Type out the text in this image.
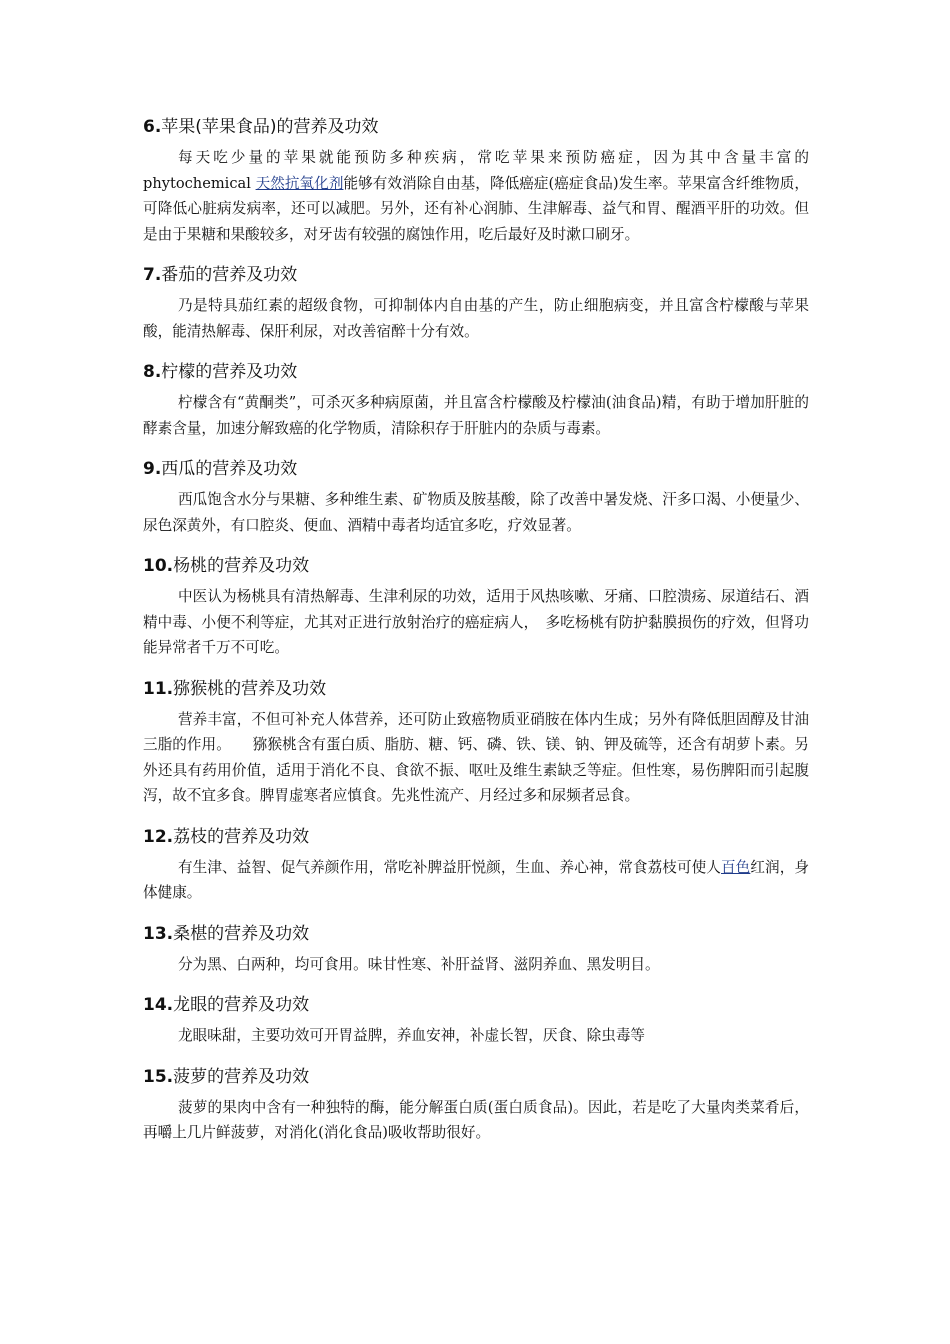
6.苹果(苹果食品)的营养及功效

每天吃少量的苹果就能预防多种疾病，常吃苹果来预防癌症，因为其中含量丰富的phytochemical 天然抗氧化剂能够有效消除自由基，降低癌症(癌症食品)发生率。苹果富含纤维物质，可降低心脏病发病率，还可以减肥。另外，还有补心润肺、生津解毒、益气和胃、醒酒平肝的功效。但是由于果糖和果酸较多，对牙齿有较强的腐蚀作用，吃后最好及时漱口刷牙。

7.番茄的营养及功效

乃是特具茄红素的超级食物，可抑制体内自由基的产生，防止细胞病变，并且富含柠檬酸与苹果酸，能清热解毒、保肝利尿，对改善宿醉十分有效。

8.柠檬的营养及功效

柠檬含有“黄酮类”，可杀灭多种病原菌，并且富含柠檬酸及柠檬油(油食品)精，有助于增加肝脏的酵素含量，加速分解致癌的化学物质，清除积存于肝脏内的杂质与毒素。

9.西瓜的营养及功效

西瓜饱含水分与果糖、多种维生素、矿物质及胺基酸，除了改善中暑发烧、汗多口渴、小便量少、尿色深黄外，有口腔炎、便血、酒精中毒者均适宜多吃，疗效显著。

10.杨桃的营养及功效

中医认为杨桃具有清热解毒、生津利尿的功效，适用于风热咳嗽、牙痛、口腔溃疡、尿道结石、酒精中毒、小便不利等症，尤其对正进行放射治疗的癌症病人，　多吃杨桃有防护黏膜损伤的疗效，但肾功能异常者千万不可吃。

11.猕猴桃的营养及功效

营养丰富，不但可补充人体营养，还可防止致癌物质亚硝胺在体内生成；另外有降低胆固醇及甘油三脂的作用。　　猕猴桃含有蛋白质、脂肪、糖、钙、磷、铁、镁、钠、钾及硫等，还含有胡萝卜素。另外还具有药用价值，适用于消化不良、食欲不振、呕吐及维生素缺乏等症。但性寒，易伤脾阳而引起腹泻，故不宜多食。脾胃虚寒者应慎食。先兆性流产、月经过多和尿频者忌食。

12.荔枝的营养及功效

有生津、益智、促气养颜作用，常吃补脾益肝悦颜，生血、养心神，常食荔枝可使人百色红润，身体健康。

13.桑椹的营养及功效

分为黑、白两种，均可食用。味甘性寒、补肝益肾、滋阴养血、黑发明目。

14.龙眼的营养及功效

龙眼味甜，主要功效可开胃益脾，养血安神，补虚长智，厌食、除虫毒等

15.菠萝的营养及功效

菠萝的果肉中含有一种独特的酶，能分解蛋白质(蛋白质食品)。因此，若是吃了大量肉类菜肴后，再嚼上几片鲜菠萝，对消化(消化食品)吸收帮助很好。
